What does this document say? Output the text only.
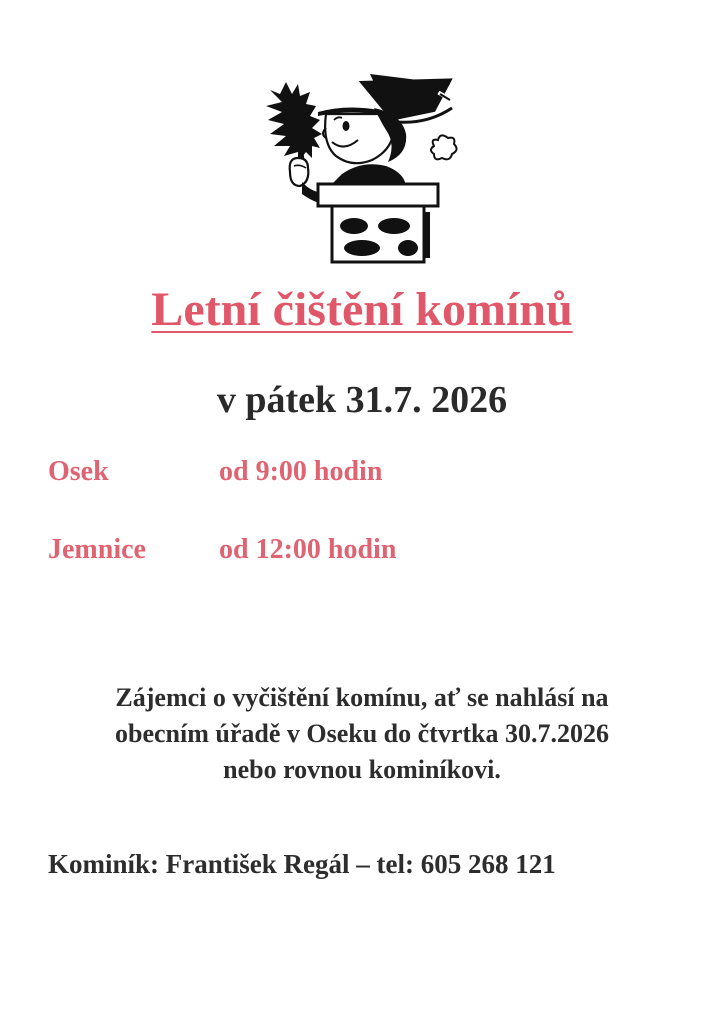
Letní čištění komínů
v pátek 31.7. 2026
Osek	od 9:00 hodin
Jemnice	od 12:00 hodin
Zájemci o vyčištění komínu, ať se nahlásí na
obecním úřadě v Oseku do čtvrtka 30.7.2026
nebo rovnou kominíkovi.
Kominík: František Regál – tel: 605 268 121
